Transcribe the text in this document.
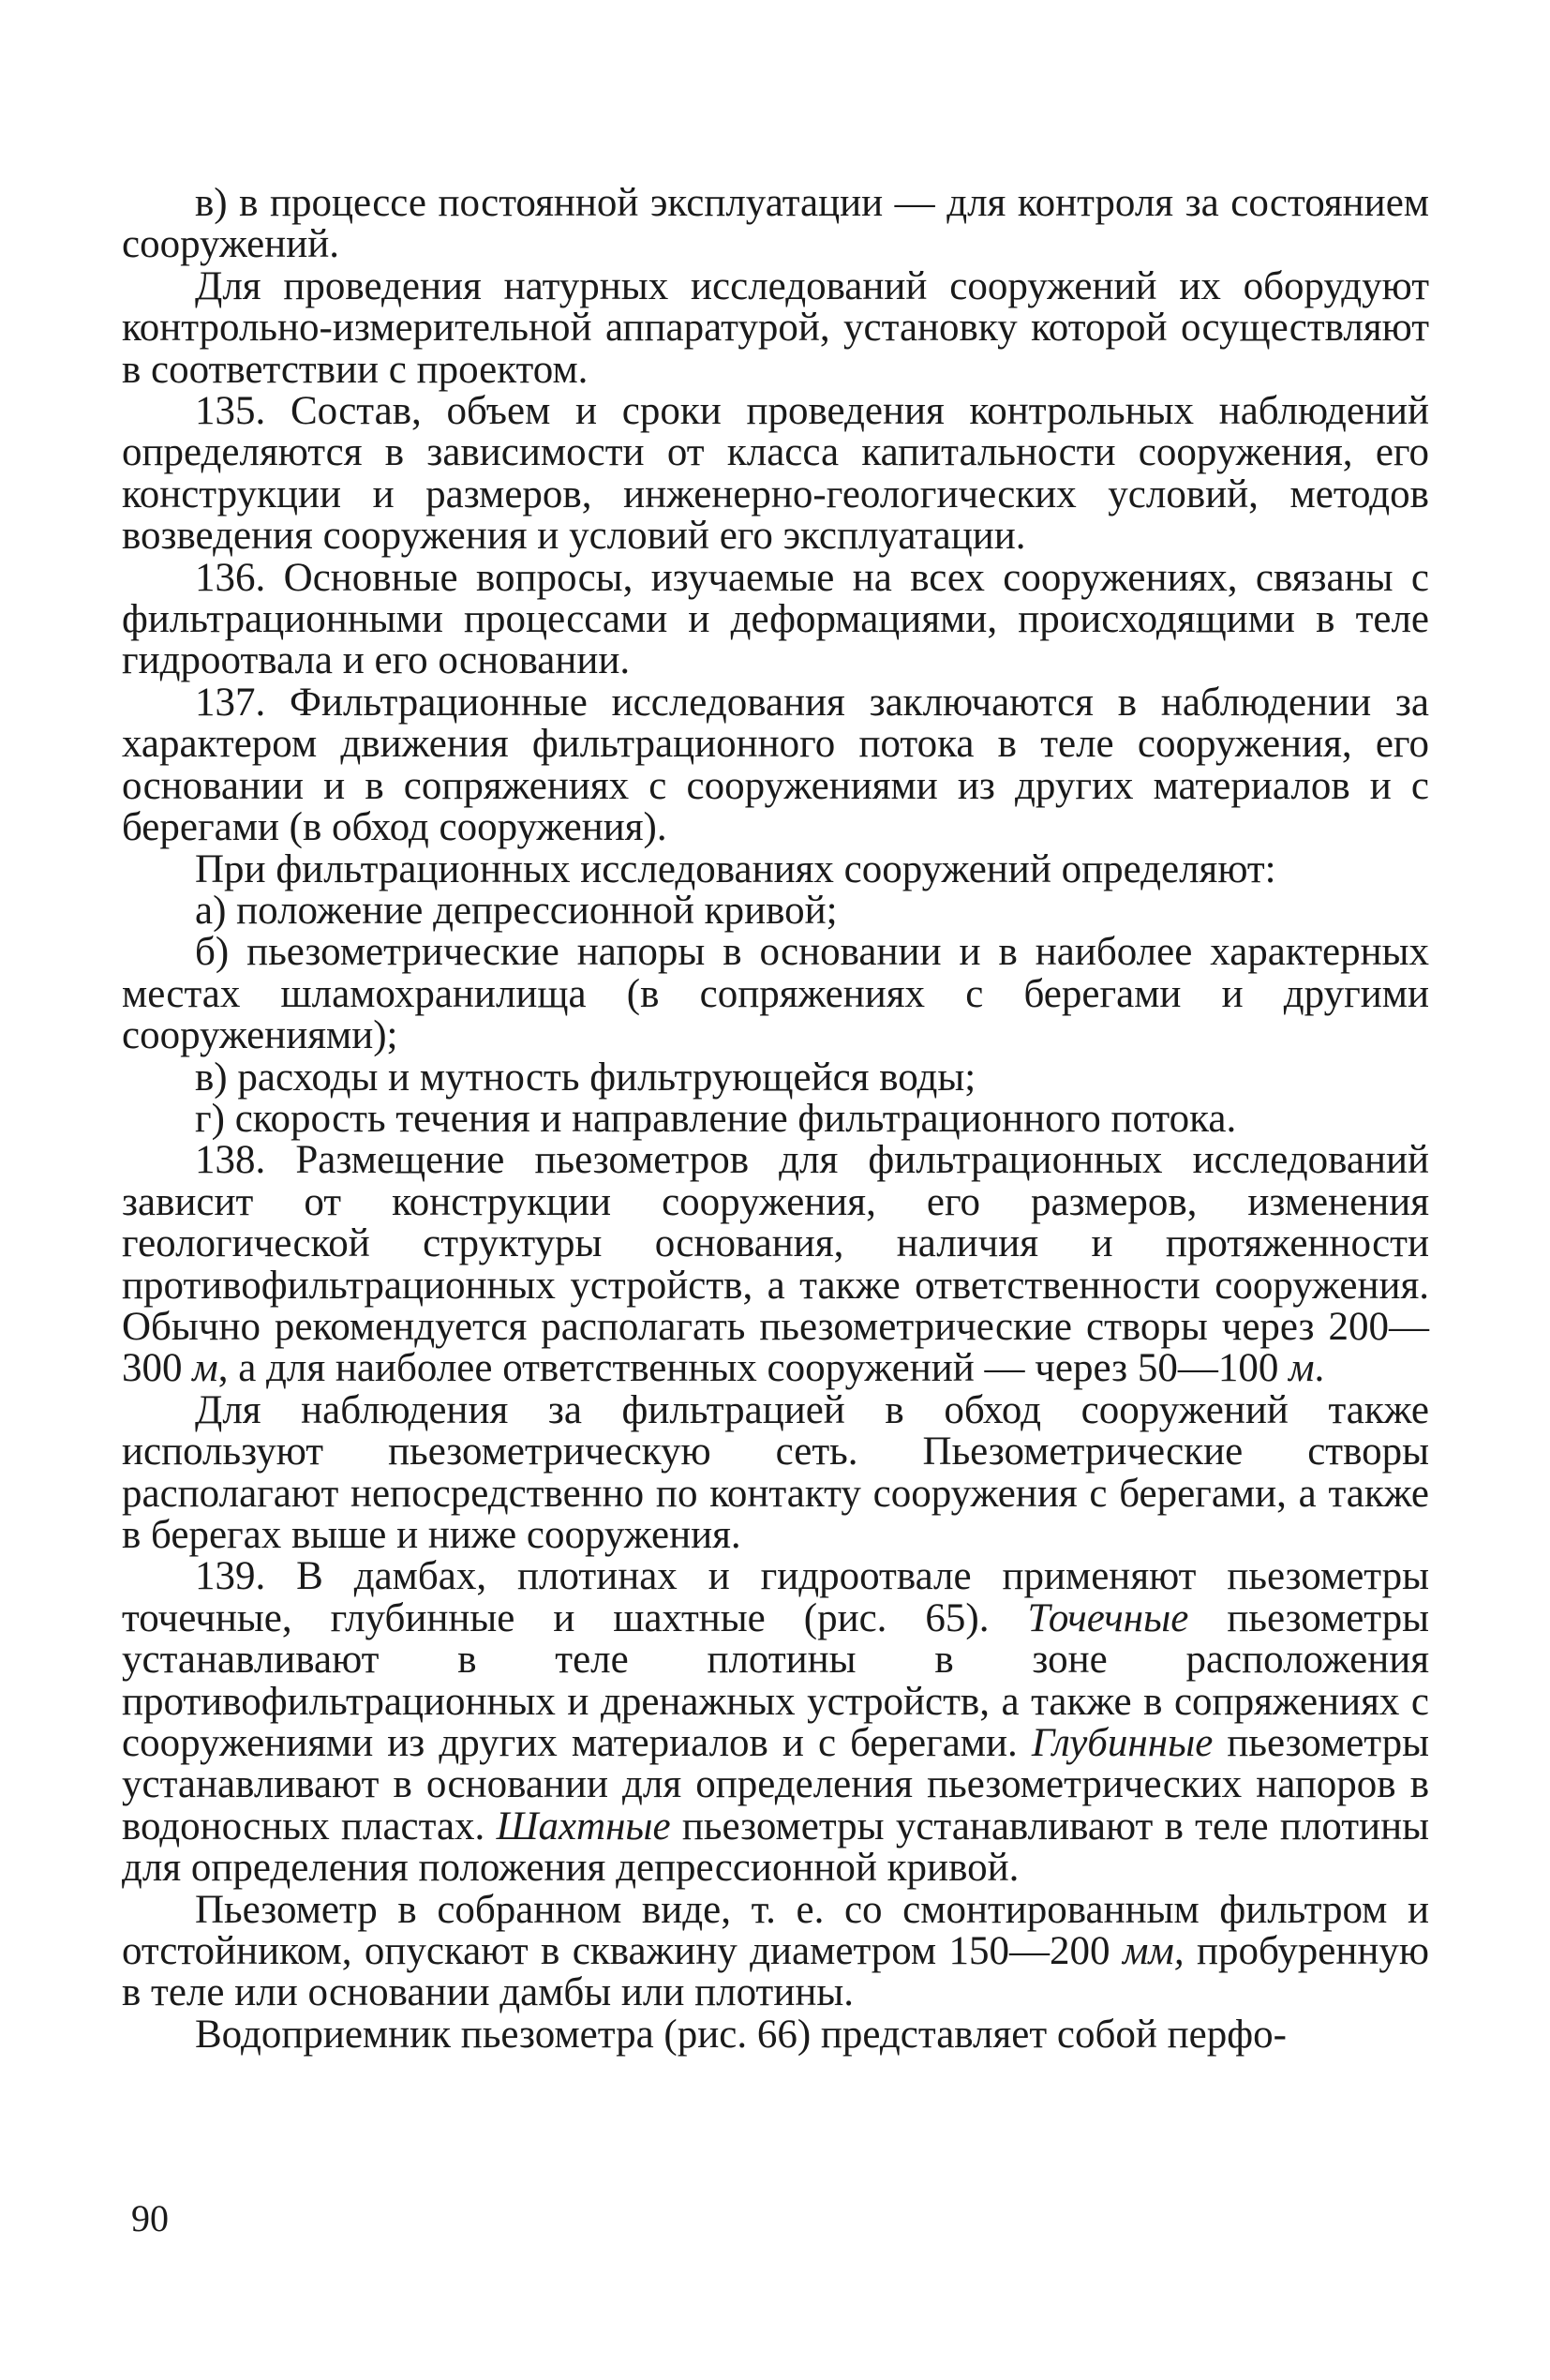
в) в процессе постоянной эксплуатации — для контроля за состоянием сооружений.

Для проведения натурных исследований сооружений их оборудуют контрольно-измерительной аппаратурой, установку которой осуществляют в соответствии с проектом.

135. Состав, объем и сроки проведения контрольных наблюдений определяются в зависимости от класса капитальности сооружения, его конструкции и размеров, инженерно-геологических условий, методов возведения сооружения и условий его эксплуатации.

136. Основные вопросы, изучаемые на всех сооружениях, связаны с фильтрационными процессами и деформациями, происходящими в теле гидроотвала и его основании.

137. Фильтрационные исследования заключаются в наблюдении за характером движения фильтрационного потока в теле сооружения, его основании и в сопряжениях с сооружениями из других материалов и с берегами (в обход сооружения).

При фильтрационных исследованиях сооружений определяют:

а) положение депрессионной кривой;

б) пьезометрические напоры в основании и в наиболее характерных местах шламохранилища (в сопряжениях с берегами и другими сооружениями);

в) расходы и мутность фильтрующейся воды;

г) скорость течения и направление фильтрационного потока.

138. Размещение пьезометров для фильтрационных исследований зависит от конструкции сооружения, его размеров, изменения геологической структуры основания, наличия и протяженности противофильтрационных устройств, а также ответственности сооружения. Обычно рекомендуется располагать пьезометрические створы через 200—300 м, а для наиболее ответственных сооружений — через 50—100 м.

Для наблюдения за фильтрацией в обход сооружений также используют пьезометрическую сеть. Пьезометрические створы располагают непосредственно по контакту сооружения с берегами, а также в берегах выше и ниже сооружения.

139. В дамбах, плотинах и гидроотвале применяют пьезометры точечные, глубинные и шахтные (рис. 65). Точечные пьезометры устанавливают в теле плотины в зоне расположения противофильтрационных и дренажных устройств, а также в сопряжениях с сооружениями из других материалов и с берегами. Глубинные пьезометры устанавливают в основании для определения пьезометрических напоров в водоносных пластах. Шахтные пьезометры устанавливают в теле плотины для определения положения депрессионной кривой.

Пьезометр в собранном виде, т. е. со смонтированным фильтром и отстойником, опускают в скважину диаметром 150—200 мм, пробуренную в теле или основании дамбы или плотины.

Водоприемник пьезометра (рис. 66) представляет собой перфо-

90
